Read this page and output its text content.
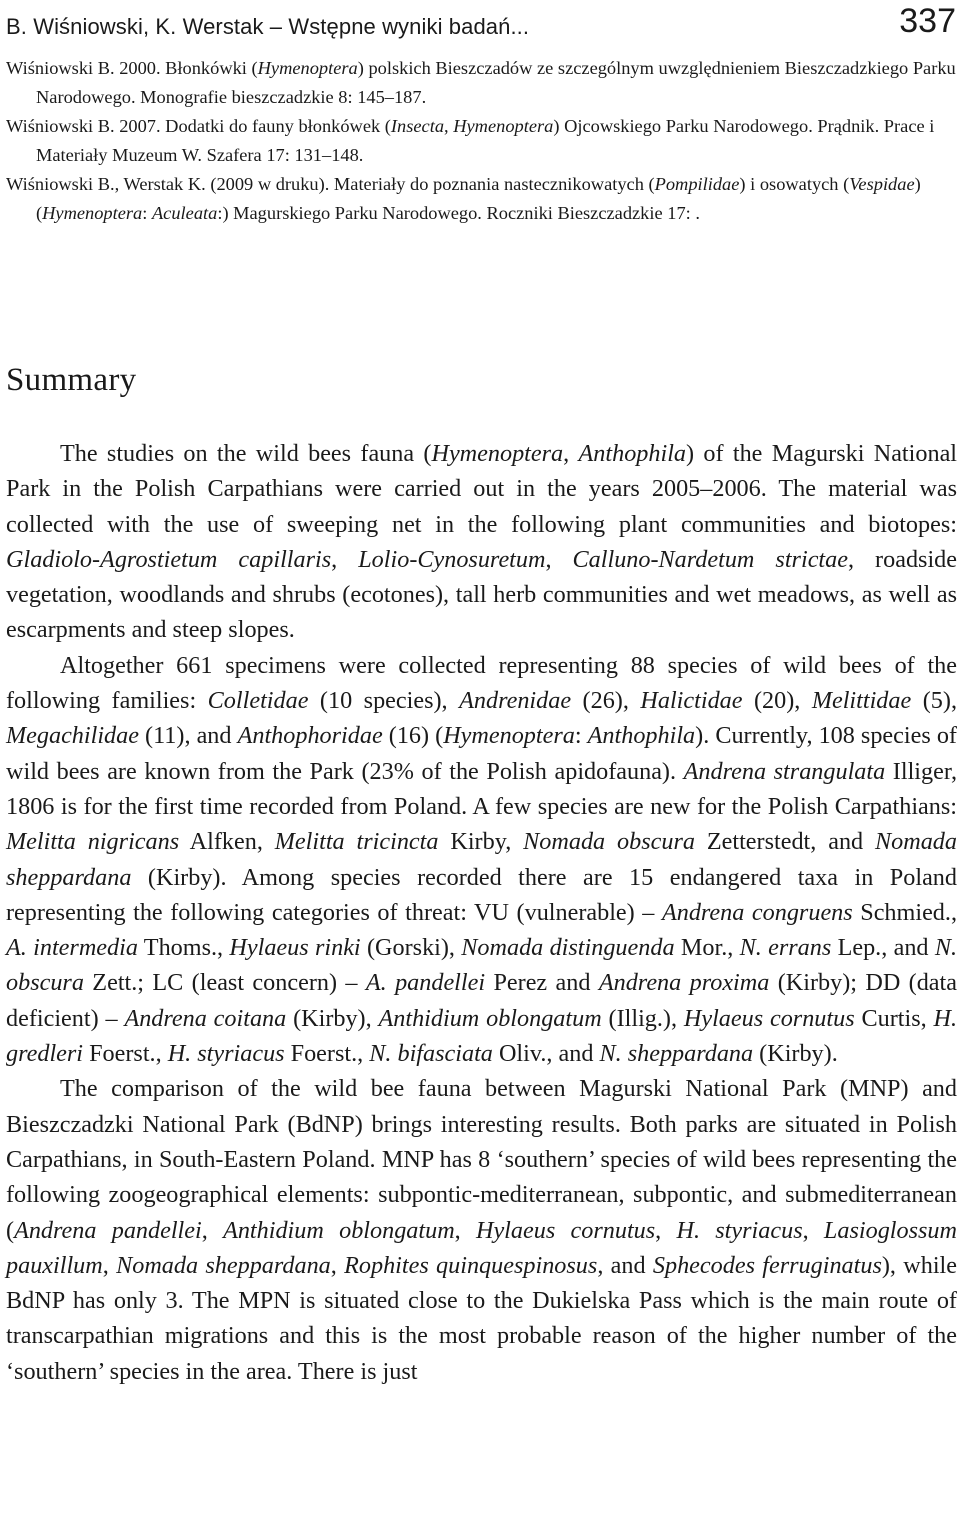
B. Wiśniowski, K. Werstak – Wstępne wyniki badań...	337

Wiśniowski B. 2000. Błonkówki (Hymenoptera) polskich Bieszczadów ze szczególnym uwzględnieniem Bieszczadzkiego Parku Narodowego. Monografie bieszczadzkie 8: 145–187.

Wiśniowski B. 2007. Dodatki do fauny błonkówek (Insecta, Hymenoptera) Ojcowskiego Parku Narodowego. Prądnik. Prace i Materiały Muzeum W. Szafera 17: 131–148.

Wiśniowski B., Werstak K. (2009 w druku). Materiały do poznania nastecznikowatych (Pompilidae) i osowatych (Vespidae) (Hymenoptera: Aculeata:) Magurskiego Parku Narodowego. Roczniki Bieszczadzkie 17: .

Summary

The studies on the wild bees fauna (Hymenoptera, Anthophila) of the Magurski National Park in the Polish Carpathians were carried out in the years 2005–2006. The material was collected with the use of sweeping net in the following plant communities and biotopes: Gladiolo-Agrostietum capillaris, Lolio-Cynosuretum, Calluno-Nardetum strictae, roadside vegetation, woodlands and shrubs (ecotones), tall herb communities and wet meadows, as well as escarpments and steep slopes.

Altogether 661 specimens were collected representing 88 species of wild bees of the following families: Colletidae (10 species), Andrenidae (26), Halictidae (20), Melittidae (5), Megachilidae (11), and Anthophoridae (16) (Hymenoptera: Anthophila). Currently, 108 species of wild bees are known from the Park (23% of the Polish apidofauna). Andrena strangulata Illiger, 1806 is for the first time recorded from Poland. A few species are new for the Polish Carpathians: Melitta nigricans Alfken, Melitta tricincta Kirby, Nomada obscura Zetterstedt, and Nomada sheppardana (Kirby). Among species recorded there are 15 endangered taxa in Poland representing the following categories of threat: VU (vulnerable) – Andrena congruens Schmied., A. intermedia Thoms., Hylaeus rinki (Gorski), Nomada distinguenda Mor., N. errans Lep., and N. obscura Zett.; LC (least concern) – A. pandellei Perez and Andrena proxima (Kirby); DD (data deficient) – Andrena coitana (Kirby), Anthidium oblongatum (Illig.), Hylaeus cornutus Curtis, H. gredleri Foerst., H. styriacus Foerst., N. bifasciata Oliv., and N. sheppardana (Kirby).

The comparison of the wild bee fauna between Magurski National Park (MNP) and Bieszczadzki National Park (BdNP) brings interesting results. Both parks are situated in Polish Carpathians, in South-Eastern Poland. MNP has 8 ‘southern’ species of wild bees representing the following zoogeographical elements: subpontic-mediterranean, subpontic, and submediterranean (Andrena pandellei, Anthidium oblongatum, Hylaeus cornutus, H. styriacus, Lasioglossum pauxillum, Nomada sheppardana, Rophites quinquespinosus, and Sphecodes ferruginatus), while BdNP has only 3. The MPN is situated close to the Dukielska Pass which is the main route of transcarpathian migrations and this is the most probable reason of the higher number of the ‘southern’ species in the area. There is just
